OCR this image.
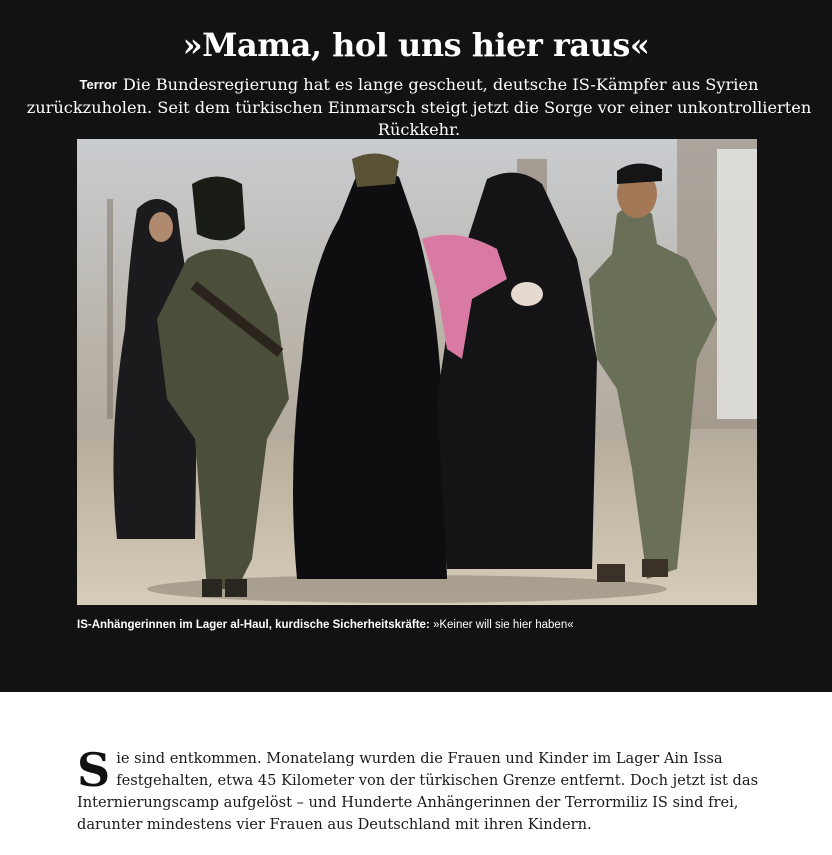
»Mama, hol uns hier raus«

Terror Die Bundesregierung hat es lange gescheut, deutsche IS-Kämpfer aus Syrien zurückzuholen. Seit dem türkischen Einmarsch steigt jetzt die Sorge vor einer unkontrollierten Rückkehr.

IS-Anhängerinnen im Lager al-Haul, kurdische Sicherheitskräfte: »Keiner will sie hier haben«

Sie sind entkommen. Monatelang wurden die Frauen und Kinder im Lager Ain Issa festgehalten, etwa 45 Kilometer von der türkischen Grenze entfernt. Doch jetzt ist das Internierungscamp aufgelöst – und Hunderte Anhängerinnen der Terrormiliz IS sind frei, darunter mindestens vier Frauen aus Deutschland mit ihren Kindern.
